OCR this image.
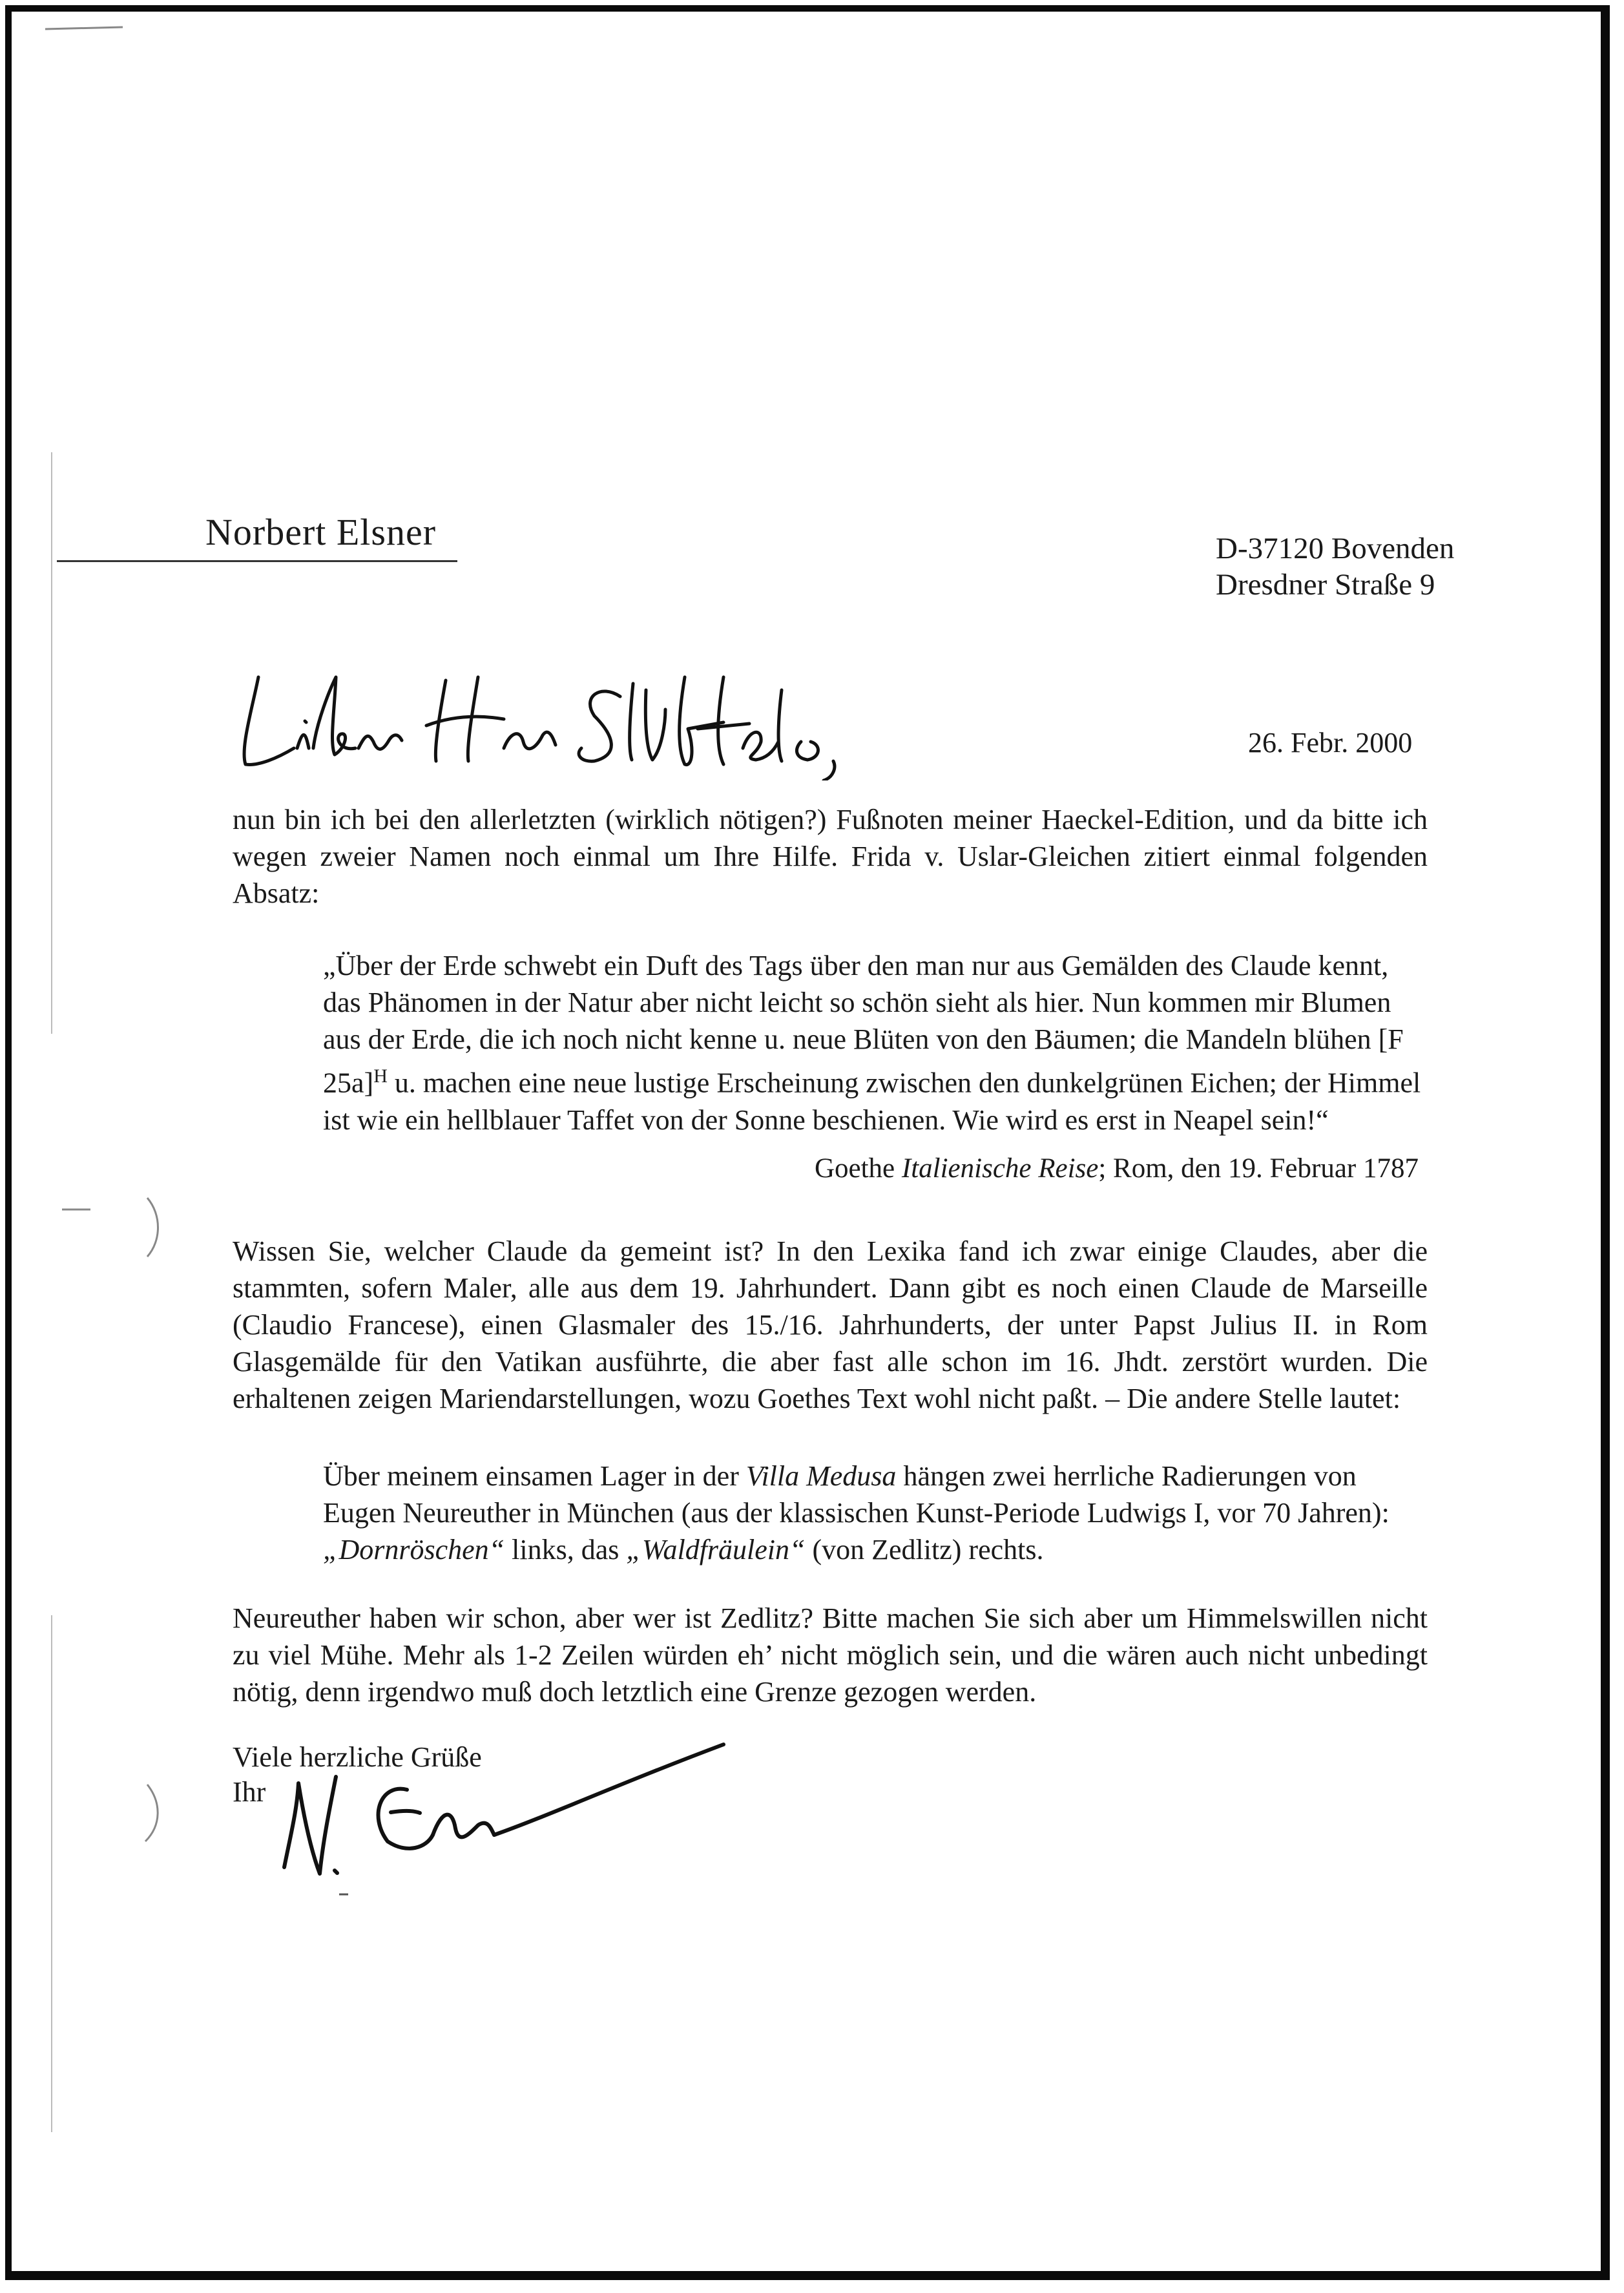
Norbert Elsner	D-37120 Bovenden
Dresdner Straße 9
26. Febr. 2000
nun bin ich bei den allerletzten (wirklich nötigen?) Fußnoten meiner Haeckel-Edition, und da bitte ich wegen zweier Namen noch einmal um Ihre Hilfe. Frida v. Uslar-Gleichen zitiert einmal folgenden Absatz:
„Über der Erde schwebt ein Duft des Tags über den man nur aus Gemälden des Claude kennt, das Phänomen in der Natur aber nicht leicht so schön sieht als hier. Nun kommen mir Blumen aus der Erde, die ich noch nicht kenne u. neue Blüten von den Bäumen; die Mandeln blühen [F 25a]$^H$ u. machen eine neue lustige Erscheinung zwischen den dunkelgrünen Eichen; der Himmel ist wie ein hellblauer Taffet von der Sonne beschienen. Wie wird es erst in Neapel sein!“
Goethe Italienische Reise; Rom, den 19. Februar 1787
Wissen Sie, welcher Claude da gemeint ist? In den Lexika fand ich zwar einige Claudes, aber die stammten, sofern Maler, alle aus dem 19. Jahrhundert. Dann gibt es noch einen Claude de Marseille (Claudio Francese), einen Glasmaler des 15./16. Jahrhunderts, der unter Papst Julius II. in Rom Glasgemälde für den Vatikan ausführte, die aber fast alle schon im 16. Jhdt. zerstört wurden. Die erhaltenen zeigen Mariendarstellungen, wozu Goethes Text wohl nicht paßt. – Die andere Stelle lautet:
Über meinem einsamen Lager in der Villa Medusa hängen zwei herrliche Radierungen von Eugen Neureuther in München (aus der klassischen Kunst-Periode Ludwigs I, vor 70 Jahren): „Dornröschen“ links, das „Waldfräulein“ (von Zedlitz) rechts.
Neureuther haben wir schon, aber wer ist Zedlitz? Bitte machen Sie sich aber um Himmelswillen nicht zu viel Mühe. Mehr als 1-2 Zeilen würden eh’ nicht möglich sein, und die wären auch nicht unbedingt nötig, denn irgendwo muß doch letztlich eine Grenze gezogen werden.
Viele herzliche Grüße
Ihr
